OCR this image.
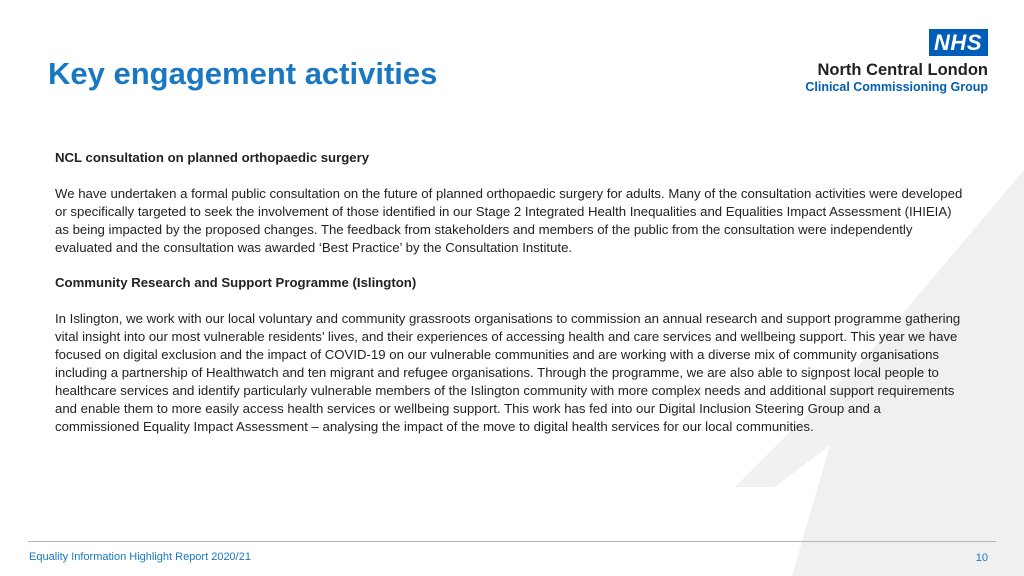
Key engagement activities
NHS
North Central London
Clinical Commissioning Group

NCL consultation on planned orthopaedic surgery

We have undertaken a formal public consultation on the future of planned orthopaedic surgery for adults. Many of the consultation activities were developed or specifically targeted to seek the involvement of those identified in our Stage 2 Integrated Health Inequalities and Equalities Impact Assessment (IHIEIA) as being impacted by the proposed changes. The feedback from stakeholders and members of the public from the consultation were independently evaluated and the consultation was awarded ‘Best Practice’ by the Consultation Institute.

Community Research and Support Programme (Islington)

In Islington, we work with our local voluntary and community grassroots organisations to commission an annual research and support programme gathering vital insight into our most vulnerable residents’ lives, and their experiences of accessing health and care services and wellbeing support. This year we have focused on digital exclusion and the impact of COVID-19 on our vulnerable communities and are working with a diverse mix of community organisations including a partnership of Healthwatch and ten migrant and refugee organisations. Through the programme, we are also able to signpost local people to healthcare services and identify particularly vulnerable members of the Islington community with more complex needs and additional support requirements and enable them to more easily access health services or wellbeing support. This work has fed into our Digital Inclusion Steering Group and a commissioned Equality Impact Assessment – analysing the impact of the move to digital health services for our local communities.

Equality Information Highlight Report 2020/21	10
